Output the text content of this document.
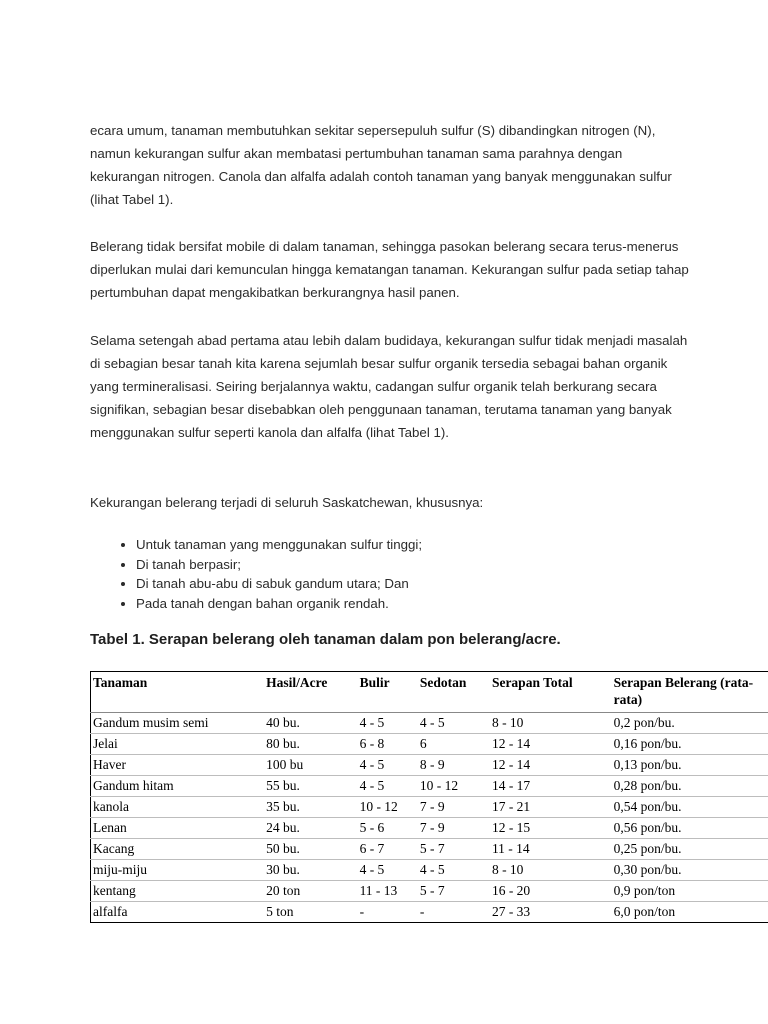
ecara umum, tanaman membutuhkan sekitar sepersepuluh sulfur (S) dibandingkan nitrogen (N), namun kekurangan sulfur akan membatasi pertumbuhan tanaman sama parahnya dengan kekurangan nitrogen. Canola dan alfalfa adalah contoh tanaman yang banyak menggunakan sulfur (lihat Tabel 1).

Belerang tidak bersifat mobile di dalam tanaman, sehingga pasokan belerang secara terus-menerus diperlukan mulai dari kemunculan hingga kematangan tanaman. Kekurangan sulfur pada setiap tahap pertumbuhan dapat mengakibatkan berkurangnya hasil panen.

Selama setengah abad pertama atau lebih dalam budidaya, kekurangan sulfur tidak menjadi masalah di sebagian besar tanah kita karena sejumlah besar sulfur organik tersedia sebagai bahan organik yang termineralisasi. Seiring berjalannya waktu, cadangan sulfur organik telah berkurang secara signifikan, sebagian besar disebabkan oleh penggunaan tanaman, terutama tanaman yang banyak menggunakan sulfur seperti kanola dan alfalfa (lihat Tabel 1).

Kekurangan belerang terjadi di seluruh Saskatchewan, khususnya:

• Untuk tanaman yang menggunakan sulfur tinggi;
• Di tanah berpasir;
• Di tanah abu-abu di sabuk gandum utara; Dan
• Pada tanah dengan bahan organik rendah.
Tabel 1. Serapan belerang oleh tanaman dalam pon belerang/acre.
Tanaman	Hasil/Acre	Bulir	Sedotan	Serapan Total	Serapan Belerang (rata-rata)
Gandum musim semi	40 bu.	4 - 5	4 - 5	8 - 10	0,2 pon/bu.
Jelai	80 bu.	6 - 8	6	12 - 14	0,16 pon/bu.
Haver	100 bu	4 - 5	8 - 9	12 - 14	0,13 pon/bu.
Gandum hitam	55 bu.	4 - 5	10 - 12	14 - 17	0,28 pon/bu.
kanola	35 bu.	10 - 12	7 - 9	17 - 21	0,54 pon/bu.
Lenan	24 bu.	5 - 6	7 - 9	12 - 15	0,56 pon/bu.
Kacang	50 bu.	6 - 7	5 - 7	11 - 14	0,25 pon/bu.
miju-miju	30 bu.	4 - 5	4 - 5	8 - 10	0,30 pon/bu.
kentang	20 ton	11 - 13	5 - 7	16 - 20	0,9 pon/ton
alfalfa	5 ton	-	-	27 - 33	6,0 pon/ton
